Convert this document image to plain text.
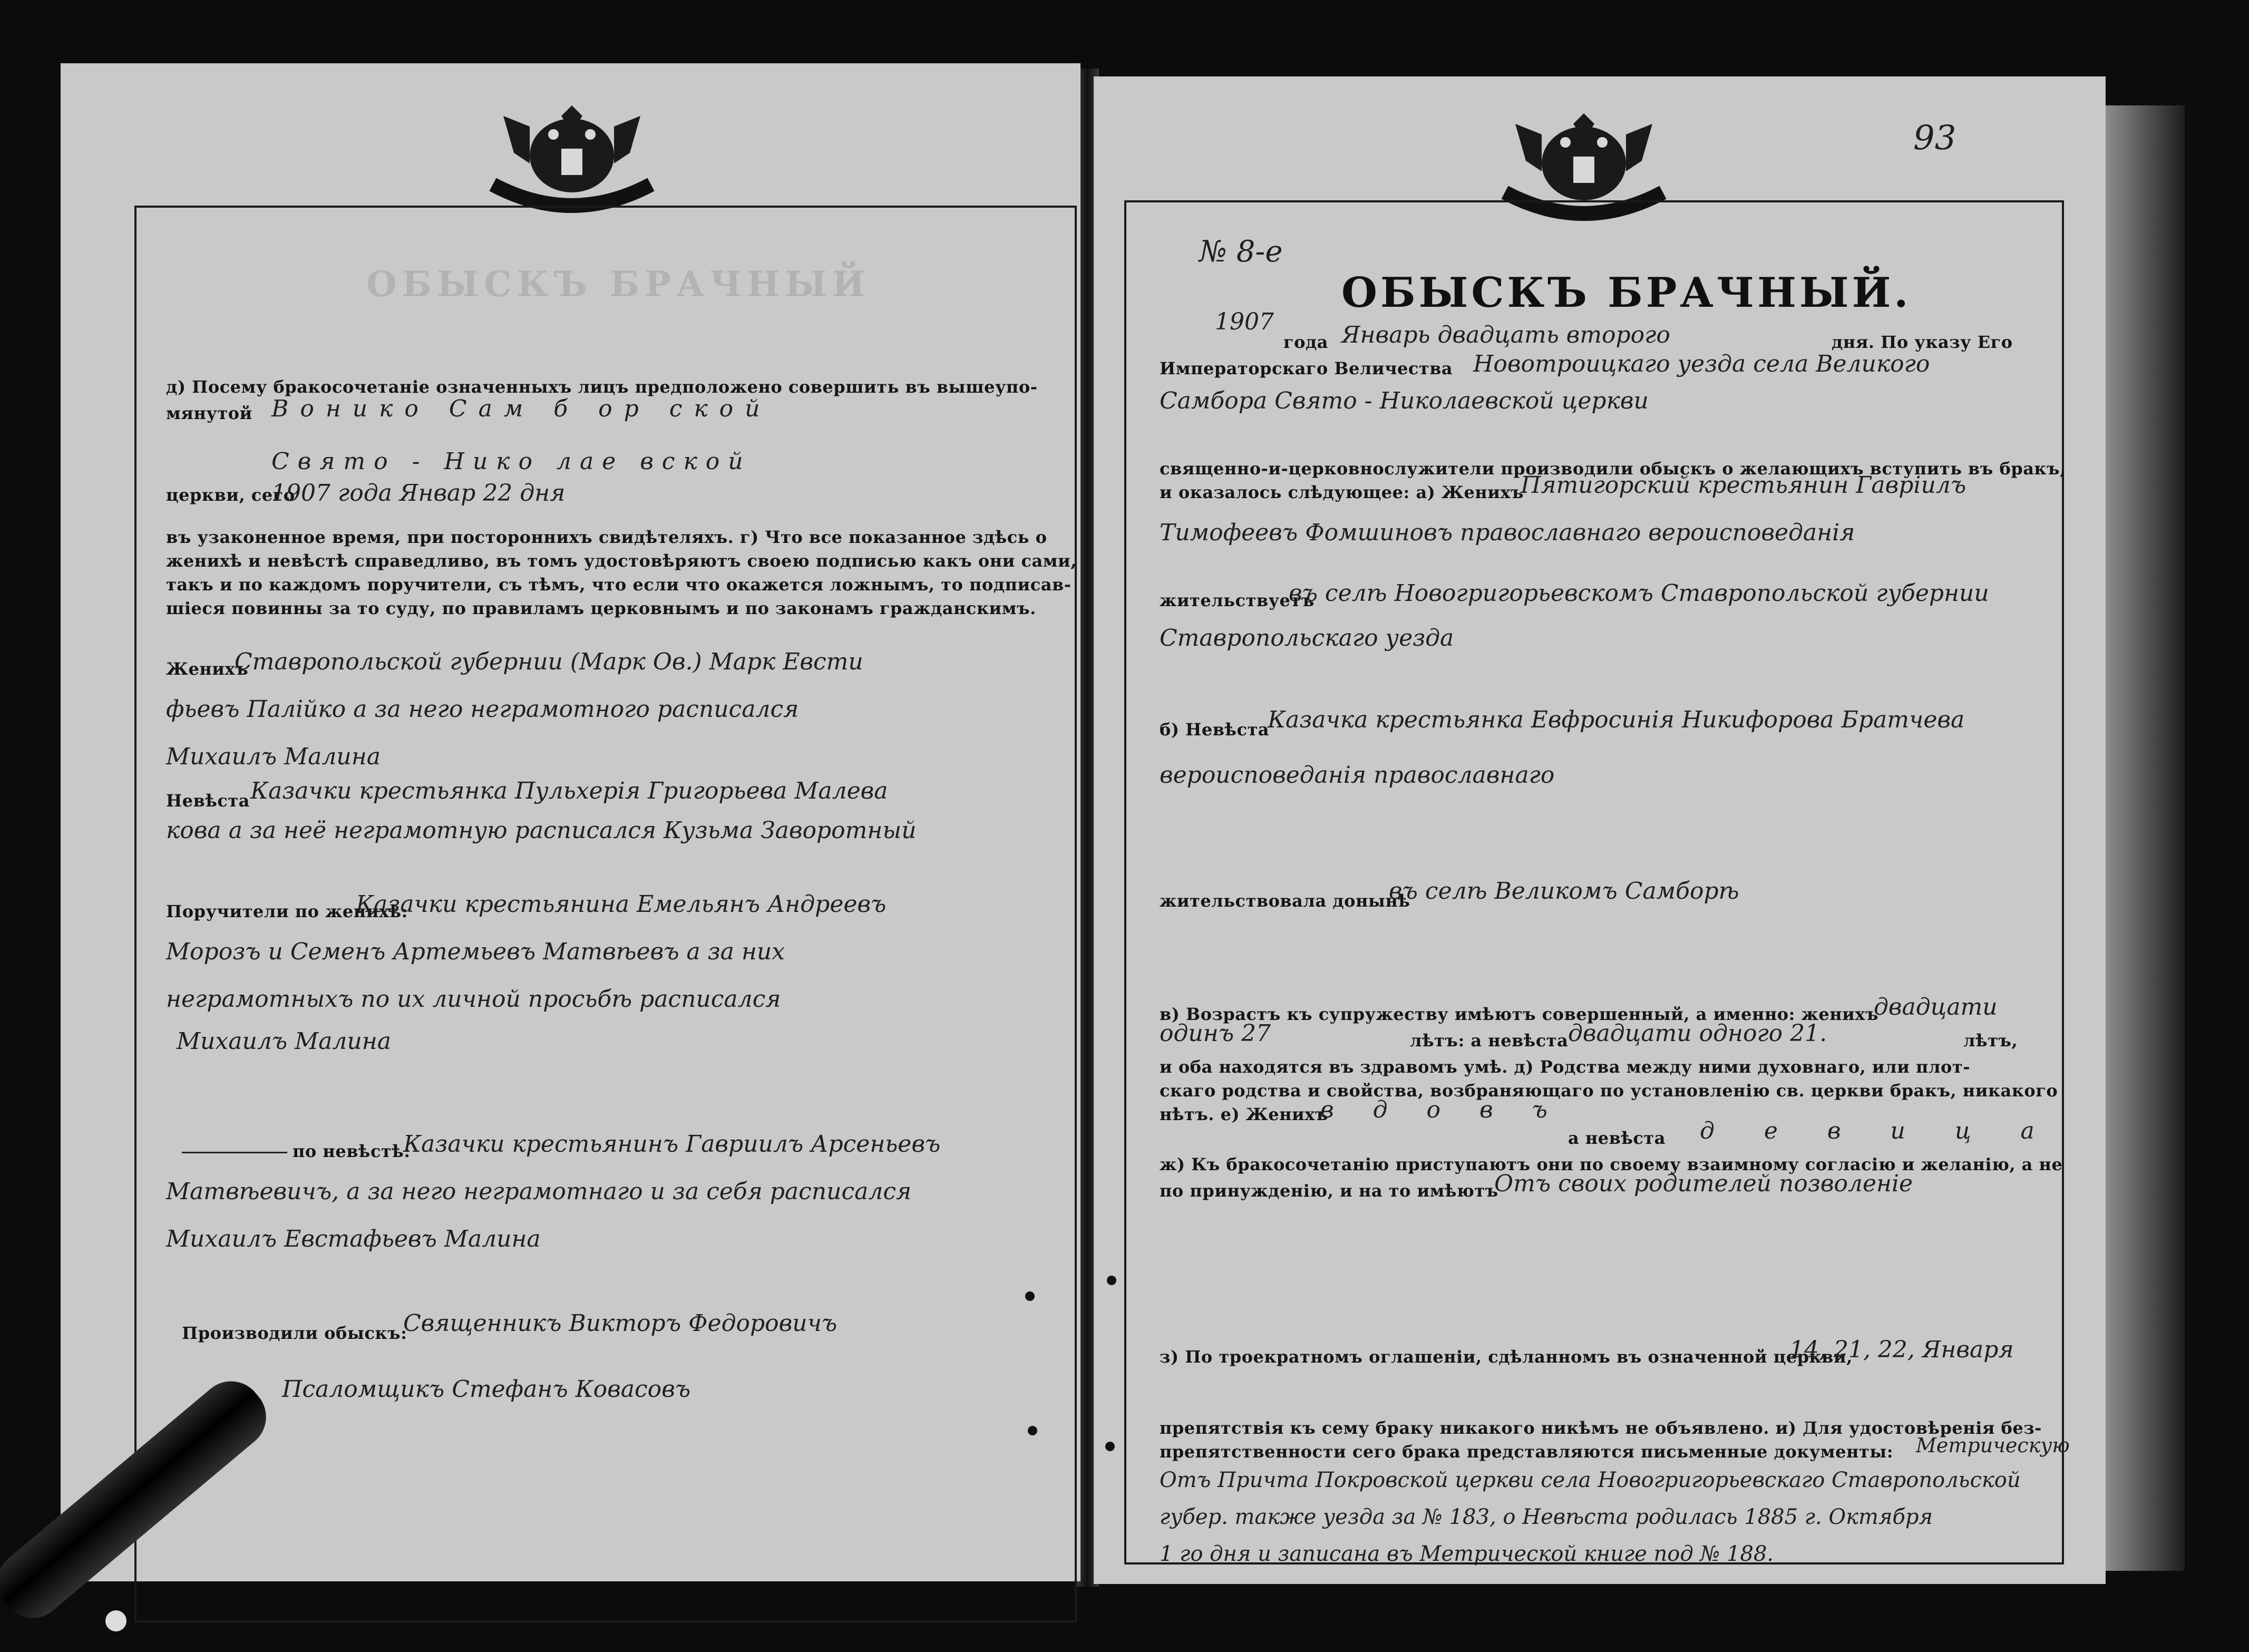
ОБЫСКЪ БРАЧНЫЙ
д) Посему бракосочетанiе означенныхъ лицъ предположено совершить въ вышеупо-
мянутой Вонико Сам б ор ской
Свято - Нико лае вской
церкви, сего
1907 года Январ 22 дня
въ узаконенное время, при постороннихъ свидѣтеляхъ. г) Что все показанное здѣсь о
женихѣ и невѣстѣ справедливо, въ томъ удостовѣряютъ своею подписью какъ они сами,
такъ и по каждомъ поручители, съ тѣмъ, что если что окажется ложнымъ, то подписав-
шiеся повинны за то суду, по правиламъ церковнымъ и по законамъ гражданскимъ.
Женихъ
Ставропольской губернии (Марк Ов.) Марк Евсти
фьевъ Палiйко а за него неграмотного расписался
Михаилъ Малина
Невѣста Казачки крестьянка Пульхерiя Григорьева Малева
кова а за неё неграмотную расписался Кузьма Заворотный
Поручители по женихѣ:
Казачки крестьянина Емельянъ Андреевъ
Морозъ и Семенъ Артемьевъ Матвѣевъ а за них
неграмотныхъ по их личной просьбѣ расписался
Михаилъ Малина
по невѣстѣ:
Казачки крестьянинъ Гавриилъ Арсеньевъ
Матвѣевичъ, а за него неграмотнаго и за себя расписался
Михаилъ Евстафьевъ Малина
Производили обыскъ:
Священникъ Викторъ Федоровичъ
Псаломщикъ Стефанъ Ковасовъ
93
№ 8-е
ОБЫСКЪ БРАЧНЫЙ.
1907
года Январь двадцать второго	дня. По указу Его
Императорскаго Величества Новотроицкаго уезда села Великого
Самбора Свято - Николаевской церкви
священно-и-церковнослужители производили обыскъ о желающихъ вступить въ бракъ,
и оказалось слѣдующее: а) Женихъ
Пятигорский крестьянин Гаврiилъ
Тимофеевъ Фомшиновъ православнаго вероисповеданiя
жительствуетъ
въ селѣ Новогригорьевскомъ Ставропольской губернии
Ставропольскаго уезда
б) Невѣста
Казачка крестьянка Евфросинiя Никифорова Братчева
вероисповеданiя православнаго
жительствовала донынѣ
въ селѣ Великомъ Самборѣ
в) Возрастъ къ супружеству имѣютъ совершенный, а именно: женихъ
двадцати
одинъ 27	лѣтъ: а невѣста двадцати одного 21.	лѣтъ,
и оба находятся въ здравомъ умѣ. д) Родства между ними духовнаго, или плот-
скаго родства и свойства, возбраняющаго по установленiю св. церкви бракъ, никакого
нѣтъ. е) Женихъ
в д о в ъ
а невѣста д е в и ц а
ж) Къ бракосочетанiю приступаютъ они по своему взаимному согласiю и желанiю, а не
по принужденiю, и на то имѣютъ
Отъ своих родителей позволенiе
з) По троекратномъ оглашенiи, сдѣланномъ въ означенной церкви,
14, 21, 22, Января
препятствiя къ сему браку никакого никѣмъ не объявлено. и) Для удостовѣренiя без-
препятственности сего брака представляются письменные документы: Метрическую
Отъ Причта Покровской церкви села Новогригорьевскаго Ставропольской
губер. также уезда за № 183, о Невѣста родилась 1885 г. Октября
1 го дня и записана въ Метрической книге под № 188.
